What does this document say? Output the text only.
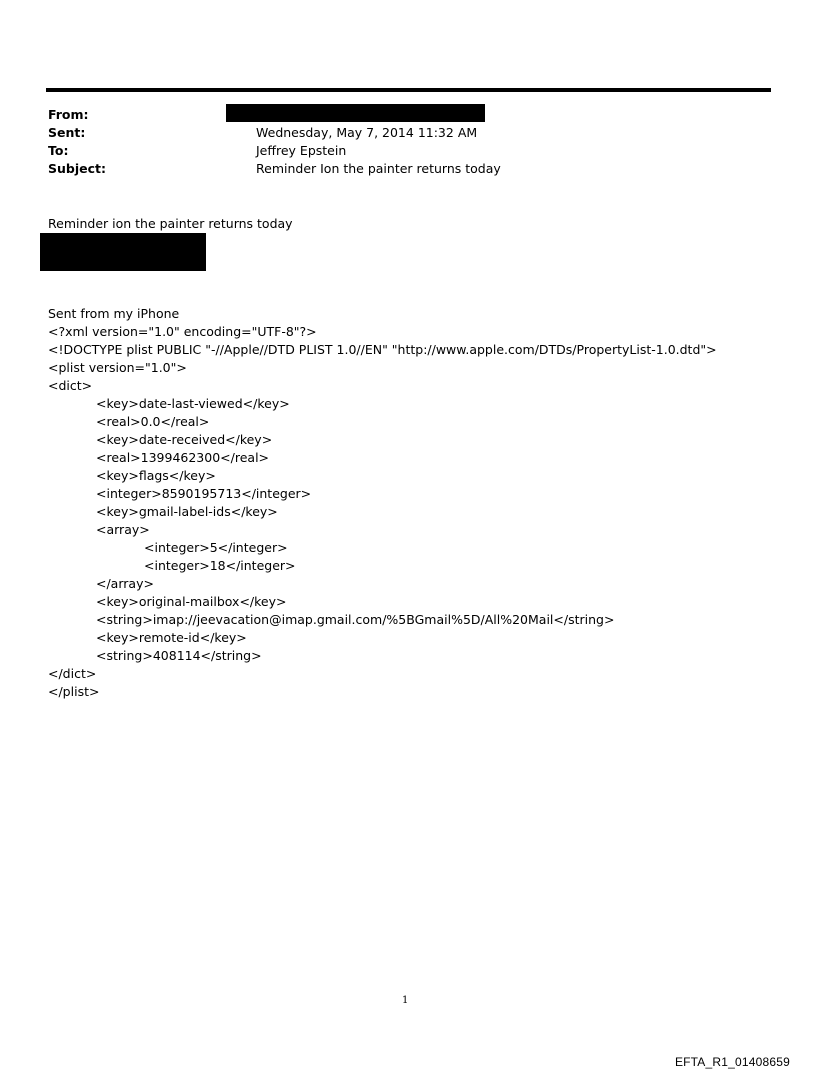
From:
Sent:	Wednesday, May 7, 2014 11:32 AM
To:	Jeffrey Epstein
Subject:	Reminder Ion the painter returns today
Reminder ion the painter returns today
Sent from my iPhone
<?xml version="1.0" encoding="UTF-8"?>
<!DOCTYPE plist PUBLIC "-//Apple//DTD PLIST 1.0//EN" "http://www.apple.com/DTDs/PropertyList-1.0.dtd">
<plist version="1.0">
<dict>
<key>date-last-viewed</key>
<real>0.0</real>
<key>date-received</key>
<real>1399462300</real>
<key>flags</key>
<integer>8590195713</integer>
<key>gmail-label-ids</key>
<array>
<integer>5</integer>
<integer>18</integer>
</array>
<key>original-mailbox</key>
<string>imap://jeevacation@imap.gmail.com/%5BGmail%5D/All%20Mail</string>
<key>remote-id</key>
<string>408114</string>
</dict>
</plist>
1
EFTA_R1_01408659
